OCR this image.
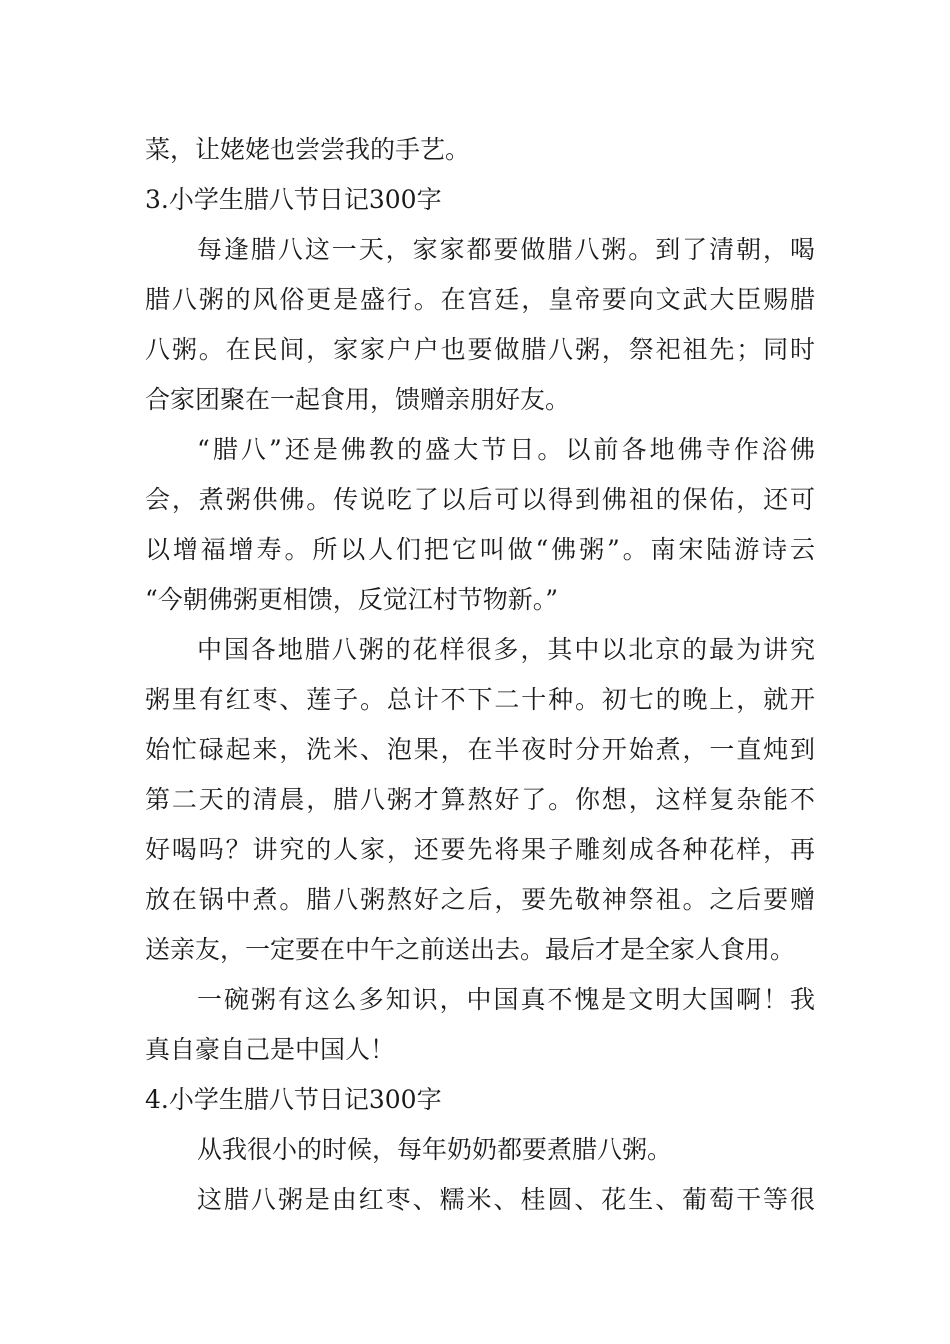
菜，让姥姥也尝尝我的手艺。
3.小学生腊八节日记300字
每逢腊八这一天，家家都要做腊八粥。到了清朝，喝
腊八粥的风俗更是盛行。在宫廷，皇帝要向文武大臣赐腊
八粥。在民间，家家户户也要做腊八粥，祭祀祖先；同时
合家团聚在一起食用，馈赠亲朋好友。
“腊八”还是佛教的盛大节日。以前各地佛寺作浴佛
会，煮粥供佛。传说吃了以后可以得到佛祖的保佑，还可
以增福增寿。所以人们把它叫做“佛粥”。南宋陆游诗云
“今朝佛粥更相馈，反觉江村节物新。”
中国各地腊八粥的花样很多，其中以北京的最为讲究
粥里有红枣、莲子。总计不下二十种。初七的晚上，就开
始忙碌起来，洗米、泡果，在半夜时分开始煮，一直炖到
第二天的清晨，腊八粥才算熬好了。你想，这样复杂能不
好喝吗？讲究的人家，还要先将果子雕刻成各种花样，再
放在锅中煮。腊八粥熬好之后，要先敬神祭祖。之后要赠
送亲友，一定要在中午之前送出去。最后才是全家人食用。
一碗粥有这么多知识，中国真不愧是文明大国啊！我
真自豪自己是中国人！
4.小学生腊八节日记300字
从我很小的时候，每年奶奶都要煮腊八粥。
这腊八粥是由红枣、糯米、桂圆、花生、葡萄干等很
